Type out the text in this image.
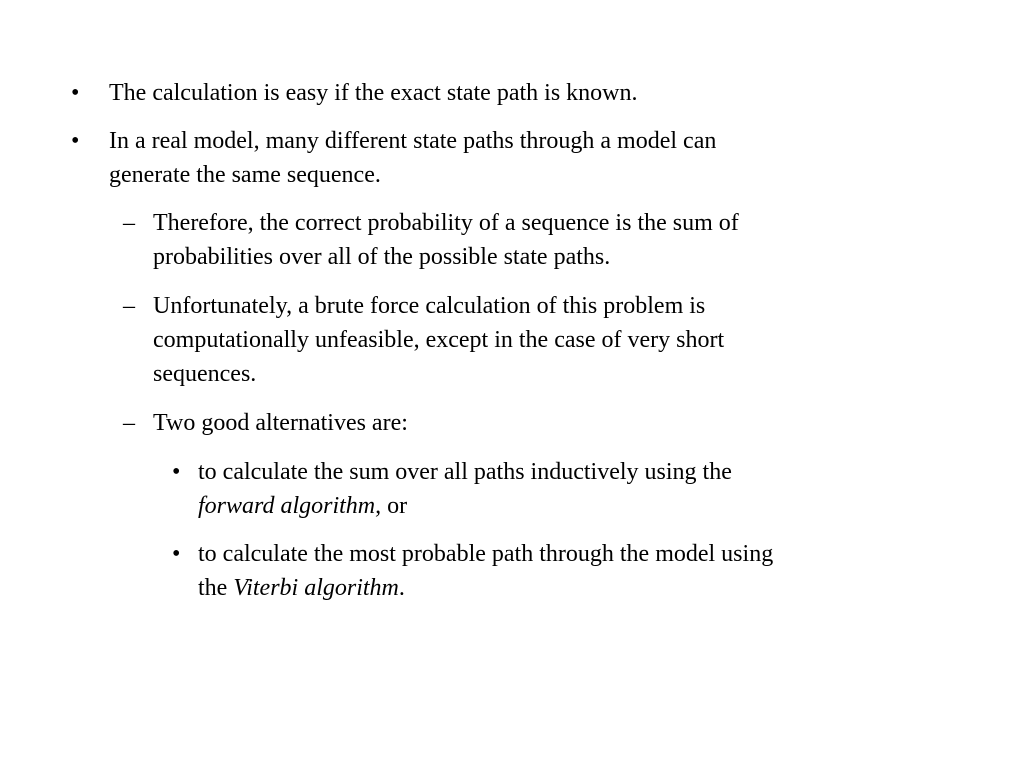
• The calculation is easy if the exact state path is known.
• In a real model, many different state paths through a model can
generate the same sequence.
– Therefore, the correct probability of a sequence is the sum of
probabilities over all of the possible state paths.
– Unfortunately, a brute force calculation of this problem is
computationally unfeasible, except in the case of very short
sequences.
– Two good alternatives are:
• to calculate the sum over all paths inductively using the
forward algorithm, or
• to calculate the most probable path through the model using
the Viterbi algorithm.
